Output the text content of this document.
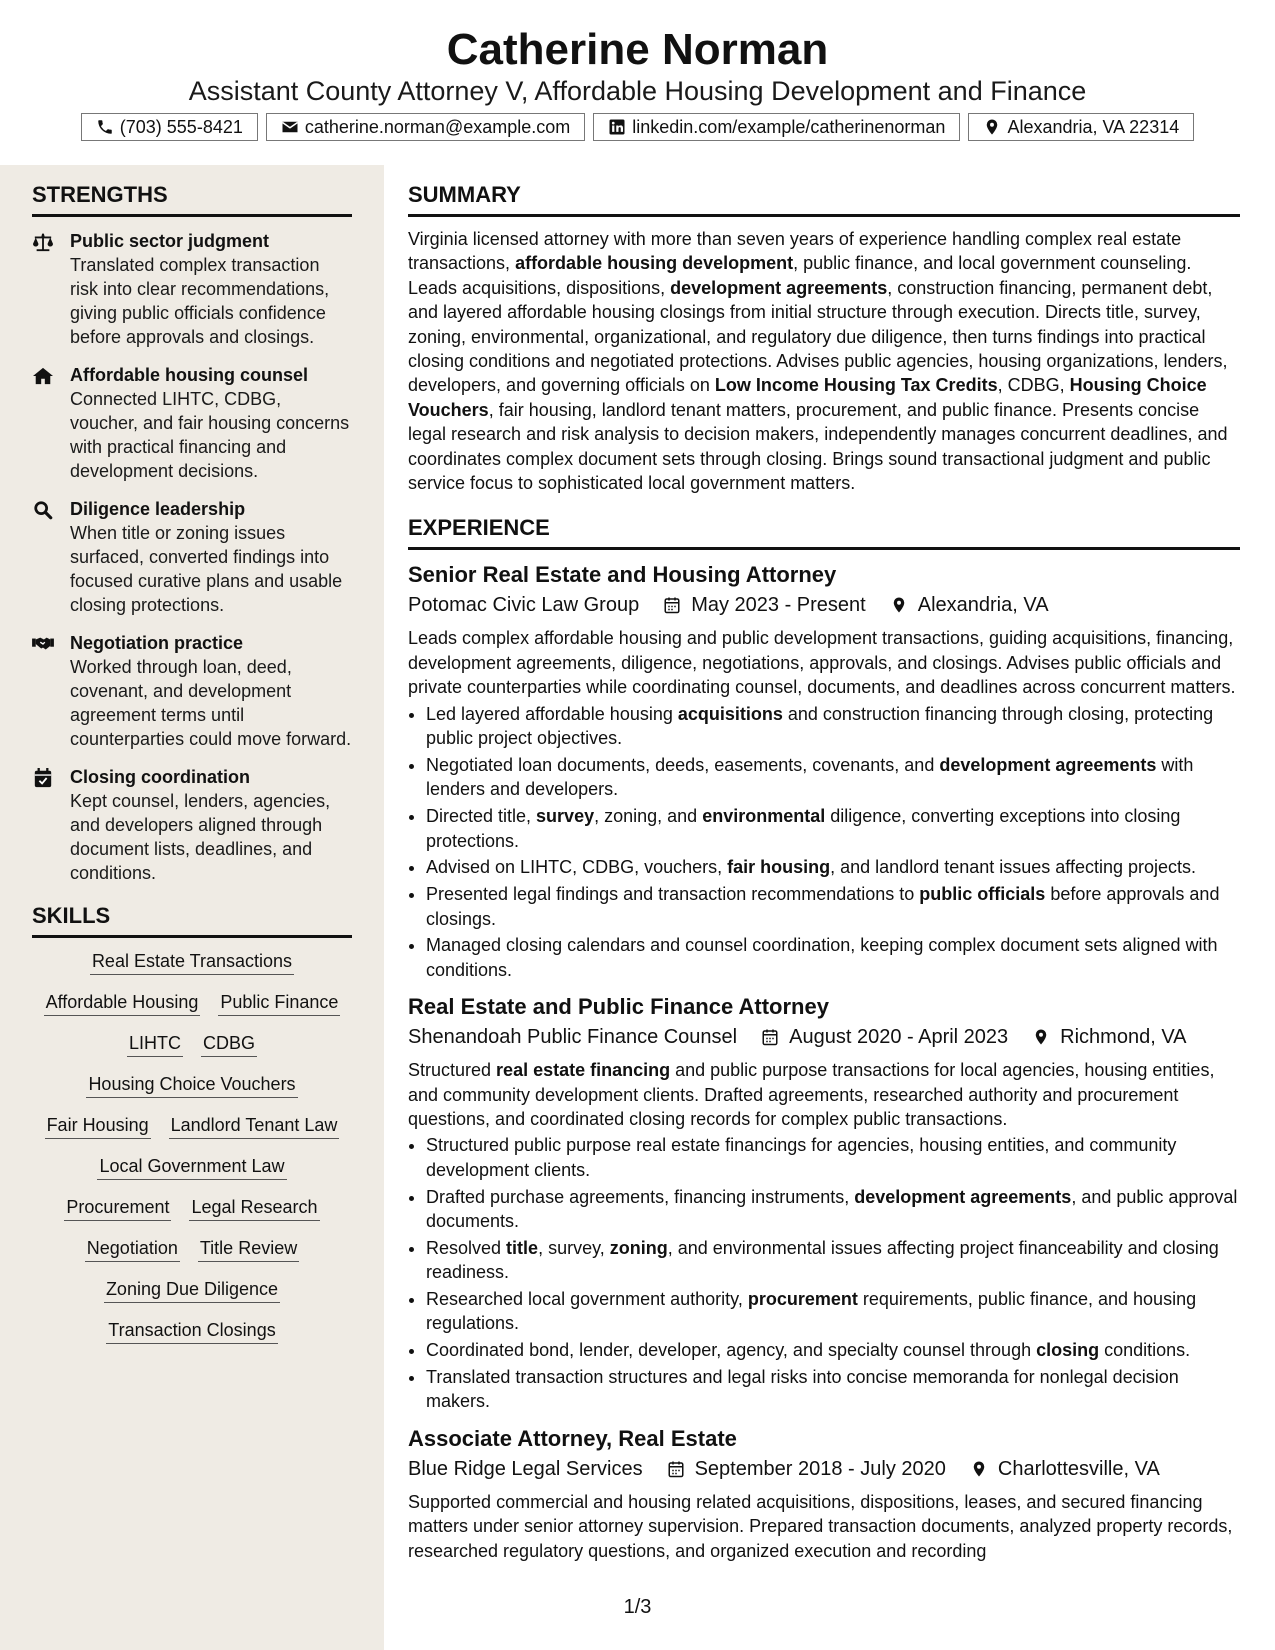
Catherine Norman
Assistant County Attorney V, Affordable Housing Development and Finance
(703) 555-8421	catherine.norman@example.com	linkedin.com/example/catherinenorman	Alexandria, VA 22314
STRENGTHS
Public sector judgment
Translated complex transaction risk into clear recommendations, giving public officials confidence before approvals and closings.
Affordable housing counsel
Connected LIHTC, CDBG, voucher, and fair housing concerns with practical financing and development decisions.
Diligence leadership
When title or zoning issues surfaced, converted findings into focused curative plans and usable closing protections.
Negotiation practice
Worked through loan, deed, covenant, and development agreement terms until counterparties could move forward.
Closing coordination
Kept counsel, lenders, agencies, and developers aligned through document lists, deadlines, and conditions.
SKILLS
Real Estate Transactions
Affordable Housing Public Finance
LIHTC CDBG
Housing Choice Vouchers
Fair Housing Landlord Tenant Law
Local Government Law
Procurement Legal Research
Negotiation Title Review
Zoning Due Diligence
Transaction Closings
SUMMARY
Virginia licensed attorney with more than seven years of experience handling complex real estate transactions, affordable housing development, public finance, and local government counseling. Leads acquisitions, dispositions, development agreements, construction financing, permanent debt, and layered affordable housing closings from initial structure through execution. Directs title, survey, zoning, environmental, organizational, and regulatory due diligence, then turns findings into practical closing conditions and negotiated protections. Advises public agencies, housing organizations, lenders, developers, and governing officials on Low Income Housing Tax Credits, CDBG, Housing Choice Vouchers, fair housing, landlord tenant matters, procurement, and public finance. Presents concise legal research and risk analysis to decision makers, independently manages concurrent deadlines, and coordinates complex document sets through closing. Brings sound transactional judgment and public service focus to sophisticated local government matters.
EXPERIENCE
Senior Real Estate and Housing Attorney
Potomac Civic Law Group	May 2023 - Present	Alexandria, VA
Leads complex affordable housing and public development transactions, guiding acquisitions, financing, development agreements, diligence, negotiations, approvals, and closings. Advises public officials and private counterparties while coordinating counsel, documents, and deadlines across concurrent matters.
• Led layered affordable housing acquisitions and construction financing through closing, protecting public project objectives.
• Negotiated loan documents, deeds, easements, covenants, and development agreements with lenders and developers.
• Directed title, survey, zoning, and environmental diligence, converting exceptions into closing protections.
• Advised on LIHTC, CDBG, vouchers, fair housing, and landlord tenant issues affecting projects.
• Presented legal findings and transaction recommendations to public officials before approvals and closings.
• Managed closing calendars and counsel coordination, keeping complex document sets aligned with conditions.
Real Estate and Public Finance Attorney
Shenandoah Public Finance Counsel	August 2020 - April 2023	Richmond, VA
Structured real estate financing and public purpose transactions for local agencies, housing entities, and community development clients. Drafted agreements, researched authority and procurement questions, and coordinated closing records for complex public transactions.
• Structured public purpose real estate financings for agencies, housing entities, and community development clients.
• Drafted purchase agreements, financing instruments, development agreements, and public approval documents.
• Resolved title, survey, zoning, and environmental issues affecting project financeability and closing readiness.
• Researched local government authority, procurement requirements, public finance, and housing regulations.
• Coordinated bond, lender, developer, agency, and specialty counsel through closing conditions.
• Translated transaction structures and legal risks into concise memoranda for nonlegal decision makers.
Associate Attorney, Real Estate
Blue Ridge Legal Services	September 2018 - July 2020	Charlottesville, VA
Supported commercial and housing related acquisitions, dispositions, leases, and secured financing matters under senior attorney supervision. Prepared transaction documents, analyzed property records, researched regulatory questions, and organized execution and recording
1/3
